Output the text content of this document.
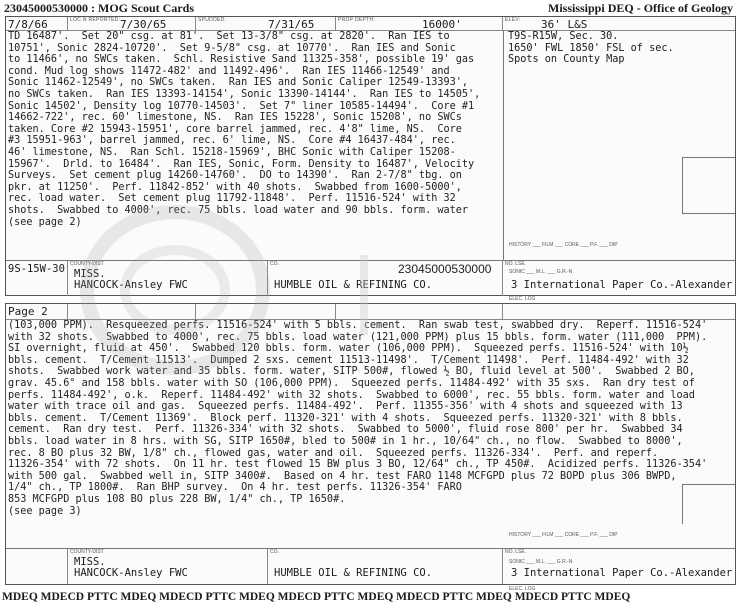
23045000530000 : MOG Scout Cards	Mississippi DEQ - Office of Geology
7/8/66	LOC N REPORTED: 7/30/65	SPUDDED:	7/31/65	PROP DEPTH:	16000'	ELEV: 36' L&S
TD 16487'.  Set 20" csg. at 81'.  Set 13-3/8" csg. at 2820'.  Ran IES to
10751', Sonic 2824-10720'.  Set 9-5/8" csg. at 10770'.  Ran IES and Sonic
to 11466', no SWCs taken.  Schl. Resistive Sand 11325-358', possible 19' gas
cond. Mud log shows 11472-482' and 11492-496'.  Ran IES 11466-12549' and
Sonic 11462-12549', no SWCs taken.  Ran IES and Sonic Caliper 12549-13393',
no SWCs taken.  Ran IES 13393-14154', Sonic 13390-14144'.  Ran IES to 14505',
Sonic 14502', Density log 10770-14503'.  Set 7" liner 10585-14494'.  Core #1
14662-722', rec. 60' limestone, NS.  Ran IES 15228', Sonic 15208', no SWCs
taken. Core #2 15943-15951', core barrel jammed, rec. 4'8" lime, NS.  Core
#3 15951-963', barrel jammed, rec. 6' lime, NS.  Core #4 16437-484', rec.
46' limestone, NS.  Ran Schl. 15218-15969', BHC Sonic with Caliper 15208-
15967'.  Drld. to 16484'.  Ran IES, Sonic, Form. Density to 16487', Velocity
Surveys.  Set cement plug 14260-14760'.  DO to 14390'.  Ran 2-7/8" tbg. on
pkr. at 11250'.  Perf. 11842-852' with 40 shots.  Swabbed from 1600-5000',
rec. load water.  Set cement plug 11792-11848'.  Perf. 11516-524' with 32
shots.  Swabbed to 4000', rec. 75 bbls. load water and 90 bbls. form. water
(see page 2)
T9S-R15W, Sec. 30.
1650' FWL 1850' FSL of sec.
Spots on County Map

HISTORY ___ FILM ___ CORE ___ P.F. ___ DIP

SONIC ___ M.L. ___ G.R.-N

ELEC. LOG

9S-15W-30 COUNTY-DIST
MISS.
HANCOCK-Ansley FWC
CO.
HUMBLE OIL & REFINING CO.
NO. LSE.
3 International Paper Co.-Alexander
23045000530000
Page 2
(103,000 PPM).  Resqueezed perfs. 11516-524' with 5 bbls. cement.  Ran swab test, swabbed dry.  Reperf. 11516-524'
with 32 shots.  Swabbed to 4000', rec. 75 bbls. load water (121,000 PPM) plus 15 bbls. form. water (111,000  PPM).
SI overnight, fluid at 450'.  Swabbed 120 bbls. form. water (106,000 PPM).  Squeezed perfs. 11516-524' with 10½
bbls. cement.  T/Cement 11513'.  Dumped 2 sxs. cement 11513-11498'.  T/Cement 11498'.  Perf. 11484-492' with 32
shots.  Swabbed work water and 35 bbls. form. water, SITP 500#, flowed ½ BO, fluid level at 500'.  Swabbed 2 BO,
grav. 45.6° and 158 bbls. water with SO (106,000 PPM).  Squeezed perfs. 11484-492' with 35 sxs.  Ran dry test of
perfs. 11484-492', o.k.  Reperf. 11484-492' with 32 shots.  Swabbed to 6000', rec. 55 bbls. form. water and load
water with trace oil and gas.  Squeezed perfs. 11484-492'.  Perf. 11355-356' with 4 shots and squeezed with 13
bbls. cement.  T/Cement 11369'.  Block perf. 11320-321' with 4 shots.  Squeezed perfs. 11320-321' with 8 bbls.
cement.  Ran dry test.  Perf. 11326-334' with 32 shots.  Swabbed to 5000', fluid rose 800' per hr.  Swabbed 34
bbls. load water in 8 hrs. with SG, SITP 1650#, bled to 500# in 1 hr., 10/64" ch., no flow.  Swabbed to 8000',
rec. 8 BO plus 32 BW, 1/8" ch., flowed gas, water and oil.  Squeezed perfs. 11326-334'.  Perf. and reperf.
11326-354' with 72 shots.  On 11 hr. test flowed 15 BW plus 3 BO, 12/64" ch., TP 450#.  Acidized perfs. 11326-354'
with 500 gal.  Swabbed well in, SITP 3400#.  Based on 4 hr. test FARO 1148 MCFGPD plus 72 BOPD plus 306 BWPD,
1/4" ch., TP 1800#.  Ran BHP survey.  On 4 hr. test perfs. 11326-354' FARO
853 MCFGPD plus 108 BO plus 228 BW, 1/4" ch., TP 1650#.
(see page 3)

HISTORY ___ FILM ___ CORE ___ P.F. ___ DIP

SONIC ___ M.L. ___ G.R.-N

ELEC. LOG

COUNTY-DIST
MISS.
HANCOCK-Ansley FWC
CO.
HUMBLE OIL & REFINING CO.
NO. LSE.
3 International Paper Co.-Alexander
MDEQ MDECD PTTC MDEQ MDECD PTTC MDEQ MDECD PTTC MDEQ MDECD PTTC MDEQ MDECD PTTC MDEQ
